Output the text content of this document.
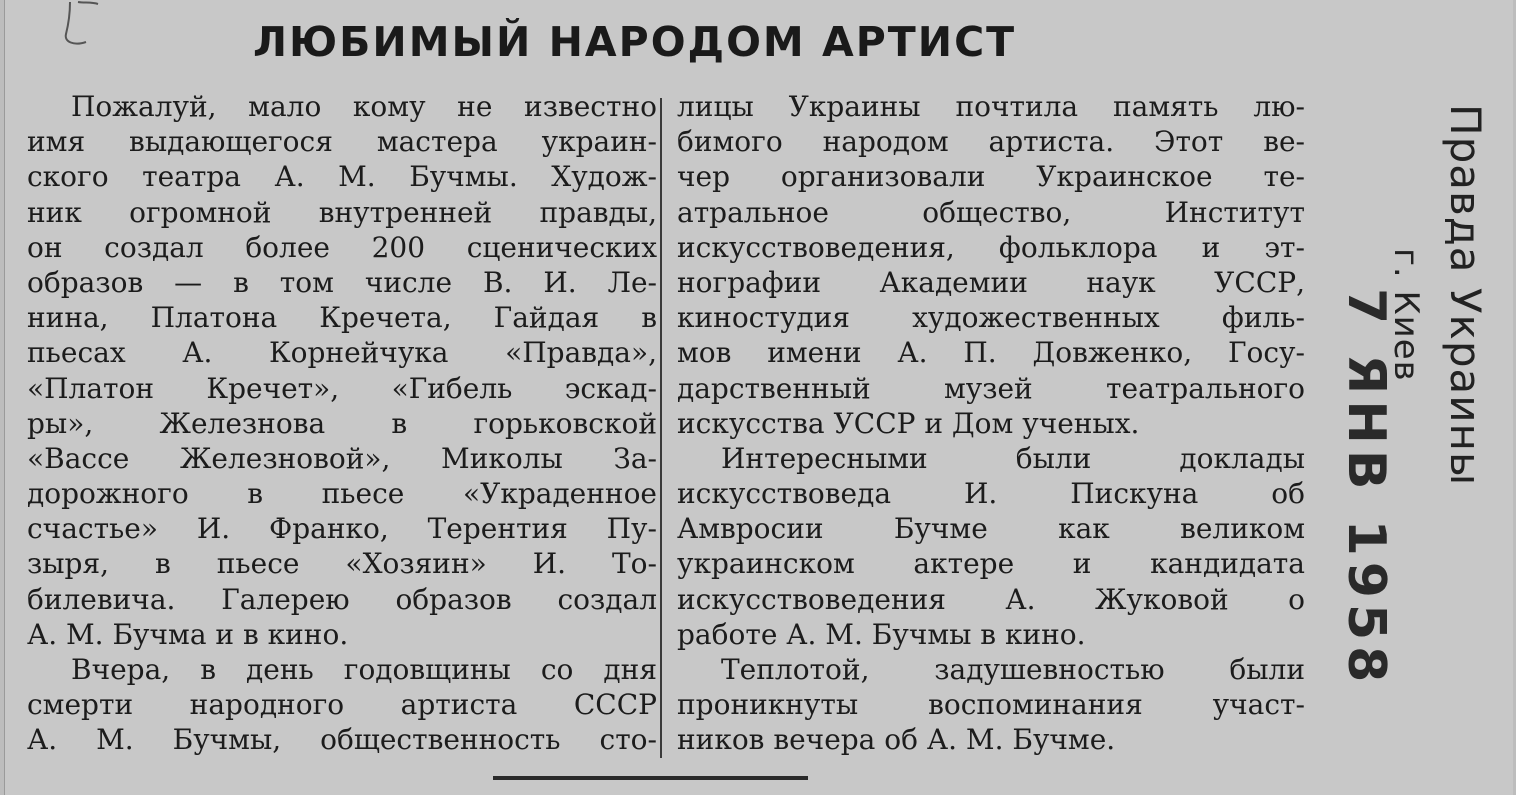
ЛЮБИМЫЙ НАРОДОМ АРТИСТ
Пожалуй, мало кому не известно
имя выдающегося мастера украин-
ского театра А. М. Бучмы. Худож-
ник огромной внутренней правды,
он создал более 200 сценических
образов — в том числе В. И. Ле-
нина, Платона Кречета, Гайдая в
пьесах А. Корнейчука «Правда»,
«Платон Кречет», «Гибель эскад-
ры», Железнова в горьковской
«Вассе Железновой», Миколы За-
дорожного в пьесе «Украденное
счастье» И. Франко, Терентия Пу-
зыря, в пьесе «Хозяин» И. То-
билевича. Галерею образов создал
А. М. Бучма и в кино.
Вчера, в день годовщины со дня
смерти народного артиста СССР
А. М. Бучмы, общественность сто-
лицы Украины почтила память лю-
бимого народом артиста. Этот ве-
чер организовали Украинское те-
атральное общество, Институт
искусствоведения, фольклора и эт-
нографии Академии наук УССР,
киностудия художественных филь-
мов имени А. П. Довженко, Госу-
дарственный музей театрального
искусства УССР и Дом ученых.
Интересными были доклады
искусствоведа И. Пискуна об
Амвросии Бучме как великом
украинском актере и кандидата
искусствоведения А. Жуковой о
работе А. М. Бучмы в кино.
Теплотой, задушевностью были
проникнуты воспоминания участ-
ников вечера об А. М. Бучме.
Правда Украины
г. Киев
7 ЯНВ 1958
